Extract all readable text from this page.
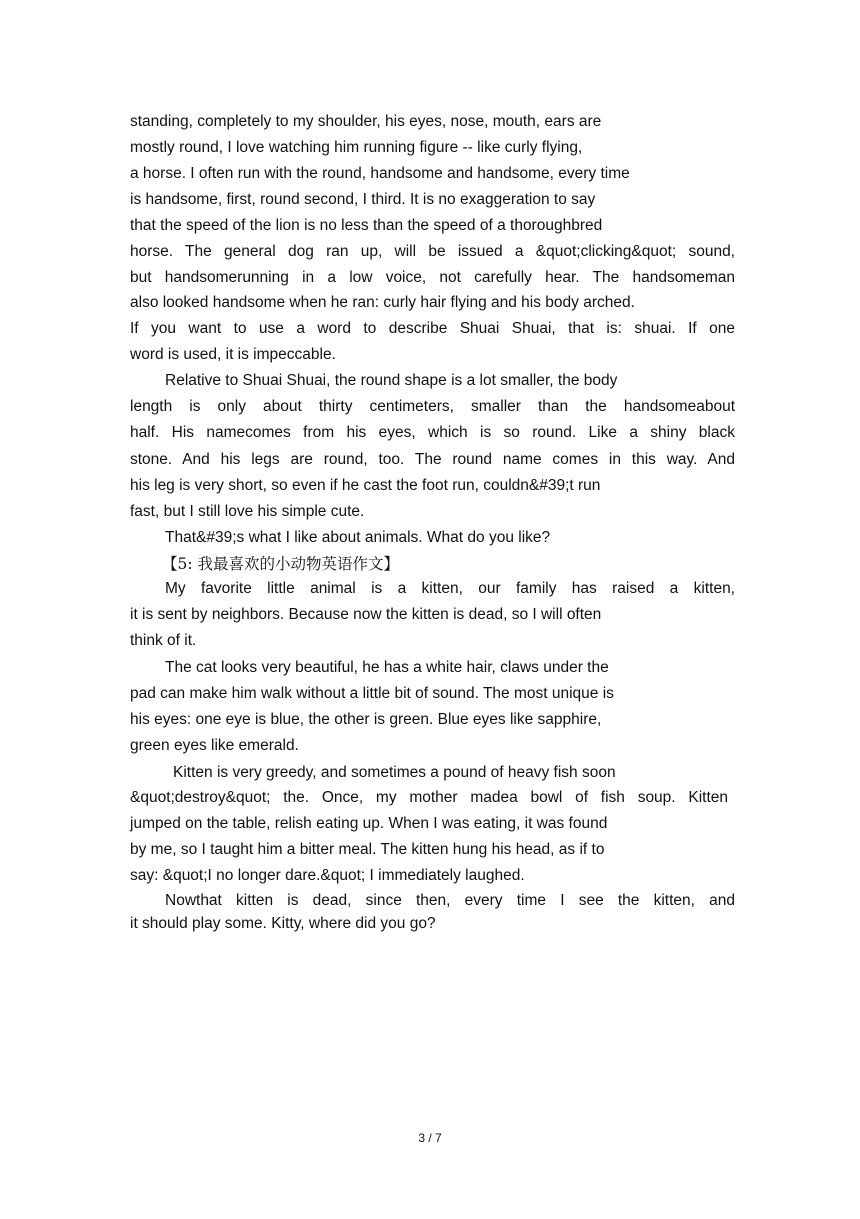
standing, completely to my shoulder, his eyes, nose, mouth, ears are
mostly round, I love watching him running figure -- like curly flying,
a horse. I often run with the round, handsome and handsome, every time
is handsome, first, round second, I third. It is no exaggeration to say
that the speed of the lion is no less than the speed of a thoroughbred
horse. The general dog ran up, will be issued a &quot;clicking&quot; sound,
but handsomerunning in a low voice, not carefully hear. The handsomeman
also looked handsome when he ran: curly hair flying and his body arched.
If you want to use a word to describe Shuai Shuai, that is: shuai. If one
word is used, it is impeccable.
Relative to Shuai Shuai, the round shape is a lot smaller, the body
length is only about thirty centimeters, smaller than the handsomeabout
half. His namecomes from his eyes, which is so round. Like a shiny black
stone. And his legs are round, too. The round name comes in this way. And
his leg is very short, so even if he cast the foot run, couldn&#39;t run
fast, but I still love his simple cute.
That&#39;s what I like about animals. What do you like?
【5: 我最喜欢的小动物英语作文】
My favorite little animal is a kitten, our family has raised a kitten,
it is sent by neighbors. Because now the kitten is dead, so I will often
think of it.
The cat looks very beautiful, he has a white hair, claws under the
pad can make him walk without a little bit of sound. The most unique is
his eyes: one eye is blue, the other is green. Blue eyes like sapphire,
green eyes like emerald.
Kitten is very greedy, and sometimes a pound of heavy fish soon
&quot;destroy&quot; the. Once, my mother madea bowl of fish soup. Kitten
jumped on the table, relish eating up. When I was eating, it was found
by me, so I taught him a bitter meal. The kitten hung his head, as if to
say: &quot;I no longer dare.&quot; I immediately laughed.
Nowthat kitten is dead, since then, every time I see the kitten, and
it should play some. Kitty, where did you go?
3 / 7
